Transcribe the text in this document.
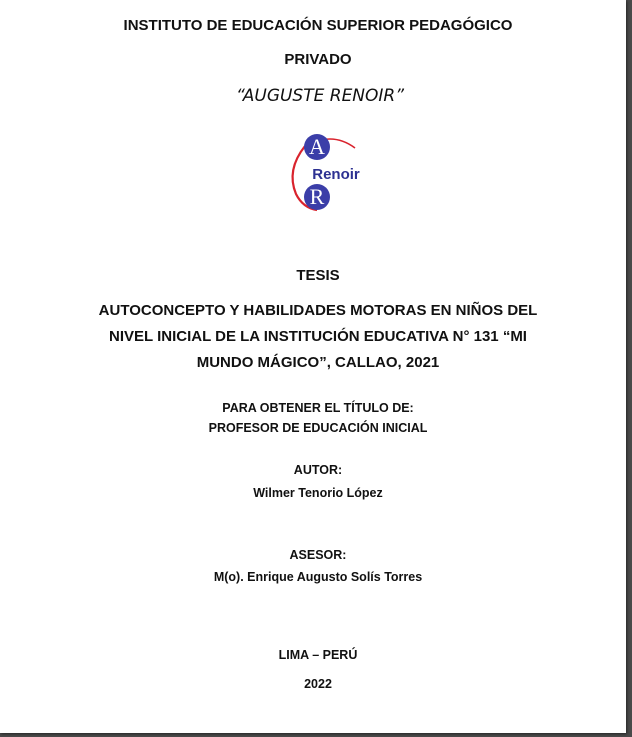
INSTITUTO DE EDUCACIÓN SUPERIOR PEDAGÓGICO
PRIVADO
“AUGUSTE RENOIR”
A
Renoir
R
TESIS
AUTOCONCEPTO Y HABILIDADES MOTORAS EN NIÑOS DEL
NIVEL INICIAL DE LA INSTITUCIÓN EDUCATIVA N° 131 “MI
MUNDO MÁGICO”, CALLAO, 2021
PARA OBTENER EL TÍTULO DE:
PROFESOR DE EDUCACIÓN INICIAL
AUTOR:
Wilmer Tenorio López
ASESOR:
M(o). Enrique Augusto Solís Torres
LIMA – PERÚ
2022
